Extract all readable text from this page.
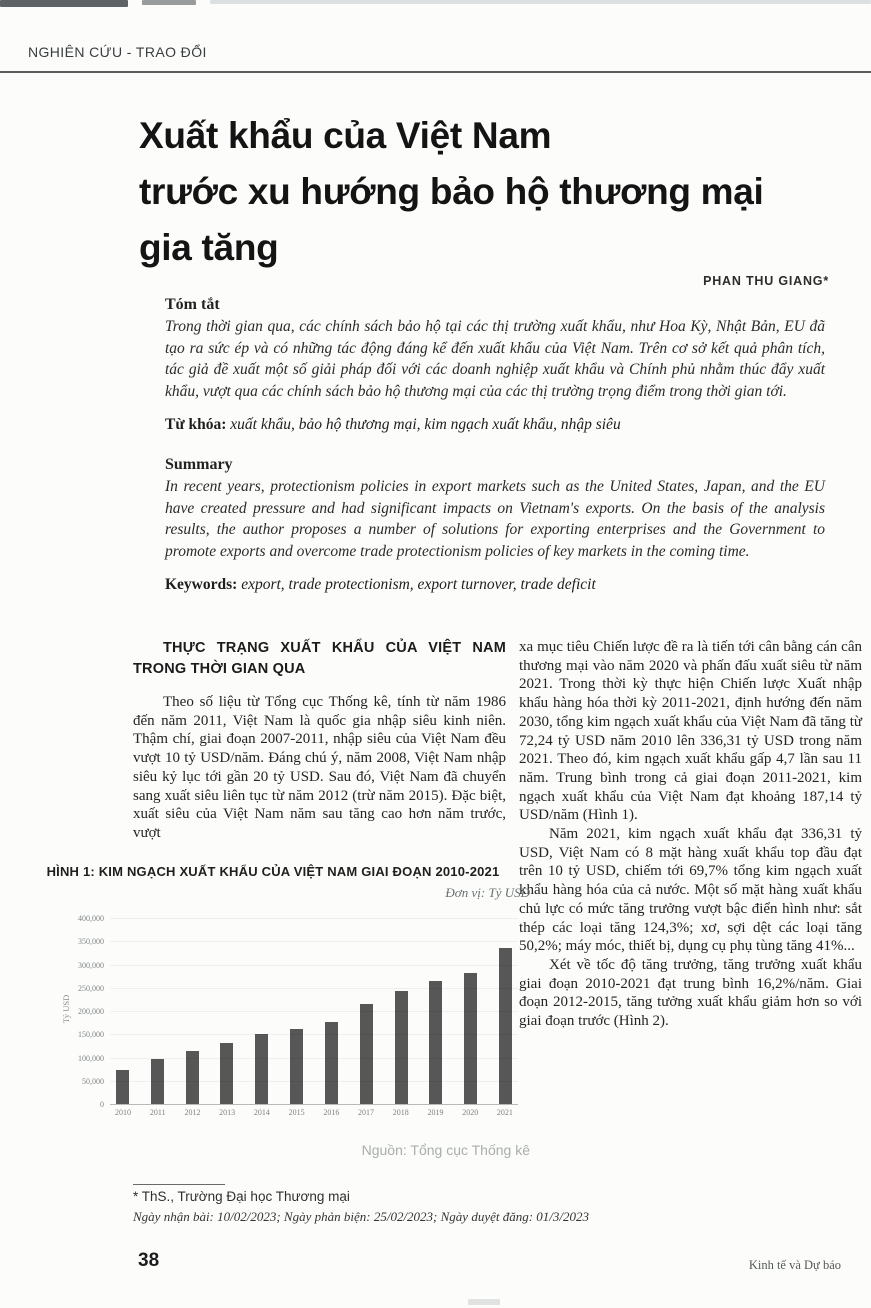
NGHIÊN CỨU - TRAO ĐỔI
Xuất khẩu của Việt Nam
trước xu hướng bảo hộ thương mại
gia tăng
PHAN THU GIANG*
Tóm tắt

Trong thời gian qua, các chính sách bảo hộ tại các thị trường xuất khẩu, như Hoa Kỳ, Nhật Bản, EU đã tạo ra sức ép và có những tác động đáng kể đến xuất khẩu của Việt Nam. Trên cơ sở kết quả phân tích, tác giả đề xuất một số giải pháp đối với các doanh nghiệp xuất khẩu và Chính phủ nhằm thúc đẩy xuất khẩu, vượt qua các chính sách bảo hộ thương mại của các thị trường trọng điểm trong thời gian tới.

Từ khóa: xuất khẩu, bảo hộ thương mại, kim ngạch xuất khẩu, nhập siêu
Summary

In recent years, protectionism policies in export markets such as the United States, Japan, and the EU have created pressure and had significant impacts on Vietnam's exports. On the basis of the analysis results, the author proposes a number of solutions for exporting enterprises and the Government to promote exports and overcome trade protectionism policies of key markets in the coming time.

Keywords: export, trade protectionism, export turnover, trade deficit
THỰC TRẠNG XUẤT KHẨU CỦA VIỆT NAM TRONG THỜI GIAN QUA

Theo số liệu từ Tổng cục Thống kê, tính từ năm 1986 đến năm 2011, Việt Nam là quốc gia nhập siêu kinh niên. Thậm chí, giai đoạn 2007-2011, nhập siêu của Việt Nam đều vượt 10 tỷ USD/năm. Đáng chú ý, năm 2008, Việt Nam nhập siêu kỷ lục tới gần 20 tỷ USD. Sau đó, Việt Nam đã chuyển sang xuất siêu liên tục từ năm 2012 (trừ năm 2015). Đặc biệt, xuất siêu của Việt Nam năm sau tăng cao hơn năm trước, vượt

xa mục tiêu Chiến lược đề ra là tiến tới cân bằng cán cân thương mại vào năm 2020 và phấn đấu xuất siêu từ năm 2021. Trong thời kỳ thực hiện Chiến lược Xuất nhập khẩu hàng hóa thời kỳ 2011-2021, định hướng đến năm 2030, tổng kim ngạch xuất khẩu của Việt Nam đã tăng từ 72,24 tỷ USD năm 2010 lên 336,31 tỷ USD trong năm 2021. Theo đó, kim ngạch xuất khẩu gấp 4,7 lần sau 11 năm. Trung bình trong cả giai đoạn 2011-2021, kim ngạch xuất khẩu của Việt Nam đạt khoảng 187,14 tỷ USD/năm (Hình 1).

Năm 2021, kim ngạch xuất khẩu đạt 336,31 tỷ USD, Việt Nam có 8 mặt hàng xuất khẩu top đầu đạt trên 10 tỷ USD, chiếm tới 69,7% tổng kim ngạch xuất khẩu hàng hóa của cả nước. Một số mặt hàng xuất khẩu chủ lực có mức tăng trưởng vượt bậc điển hình như: sắt thép các loại tăng 124,3%; xơ, sợi dệt các loại tăng 50,2%; máy móc, thiết bị, dụng cụ phụ tùng tăng 41%...

Xét về tốc độ tăng trưởng, tăng trưởng xuất khẩu giai đoạn 2010-2021 đạt trung bình 16,2%/năm. Giai đoạn 2012-2015, tăng tưởng xuất khẩu giảm hơn so với giai đoạn trước (Hình 2).

HÌNH 1: KIM NGẠCH XUẤT KHẨU CỦA VIỆT NAM GIAI ĐOẠN 2010-2021
Đơn vị: Tỷ USD
Tỷ USD
400,000
350,000
300,000
250,000
200,000
150,000
100,000
50,000
0
2010	2011	2012	2013	2014	2015	2016	2017	2018	2019	2020	2021
Nguồn: Tổng cục Thống kê
* ThS., Trường Đại học Thương mại
Ngày nhận bài: 10/02/2023; Ngày phản biện: 25/02/2023; Ngày duyệt đăng: 01/3/2023
38	Kinh tế và Dự báo
